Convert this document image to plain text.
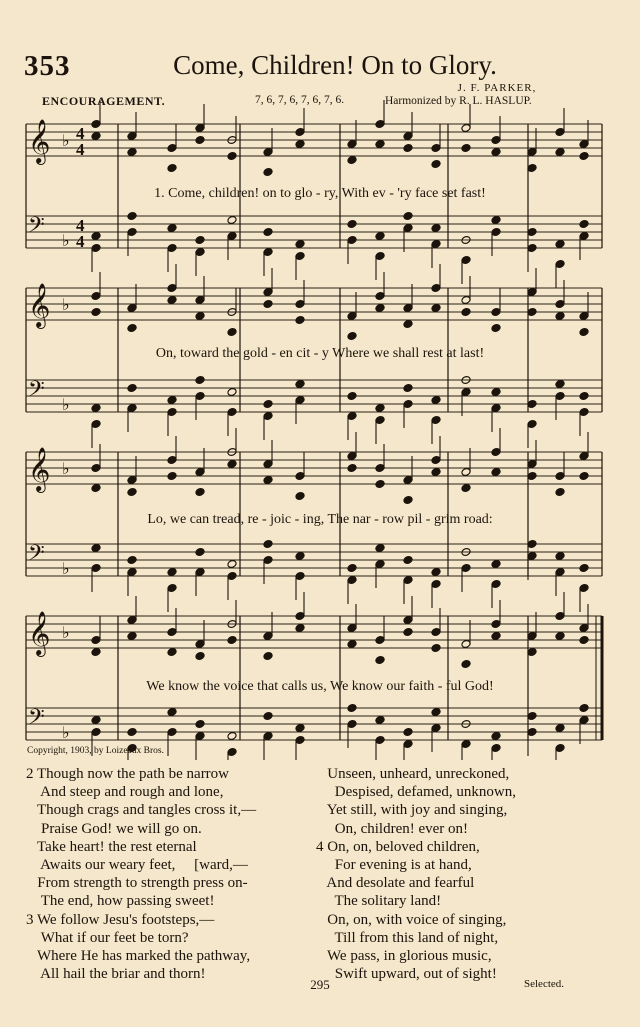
353	Come, Children! On to Glory.
ENCOURAGEMENT.	7, 6, 7, 6, 7, 6, 7, 6.
J. F. PARKER,
Harmonized by R. L. HASLUP.
𝄞 ♭ 4
4
𝄢 ♭
4
4
𝄞 ♭
𝄢 ♭
𝄞 ♭
𝄢 ♭
𝄞 ♭
𝄢 ♭
1. Come, children! on to glo - ry, With ev - 'ry face set fast!
On, toward the gold - en cit - y Where we shall rest at last!
Lo, we can tread, re - joic - ing, The nar - row pil - grim road:
We know the voice that calls us, We know our faith - ful God!
Copyright, 1903, by Loizeaux Bros.
2 Though now the path be narrow
And steep and rough and lone,
Though crags and tangles cross it,—
Praise God! we will go on.
Take heart! the rest eternal
Awaits our weary feet,     [ward,—
From strength to strength press on-
The end, how passing sweet!
3 We follow Jesu's footsteps,—
What if our feet be torn?
Where He has marked the pathway,
All hail the briar and thorn!
Unseen, unheard, unreckoned,
Despised, defamed, unknown,
Yet still, with joy and singing,
On, children! ever on!
4 On, on, beloved children,
For evening is at hand,
And desolate and fearful
The solitary land!
On, on, with voice of singing,
Till from this land of night,
We pass, in glorious music,
Swift upward, out of sight!
295	Selected.
